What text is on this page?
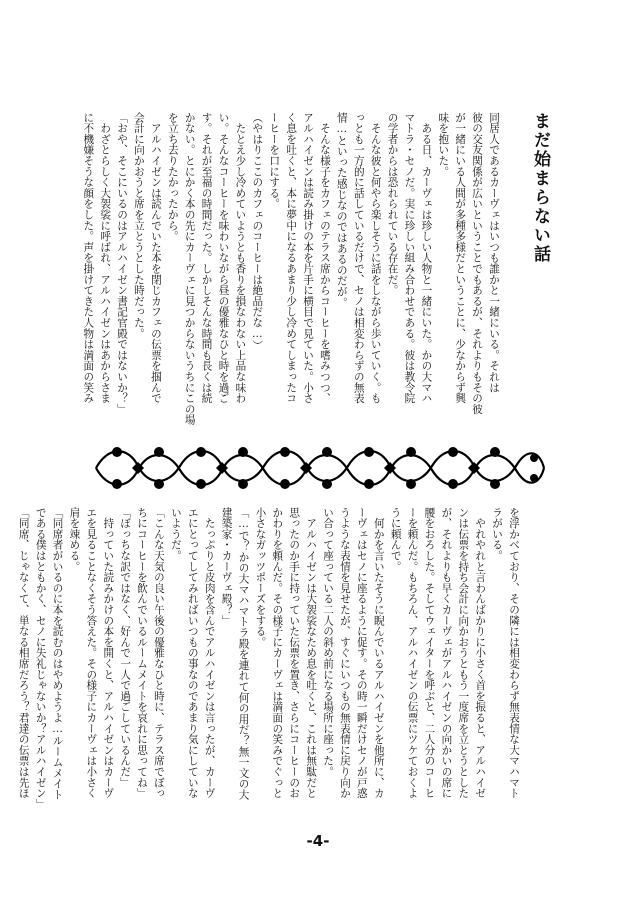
まだ始まらない話
同居人であるカーヴェはいつも誰かと一緒にいる。それは
彼の交友関係が広いということでもあるが、それよりもその彼
が一緒にいる人間が多種多様だということに、少なからず興
味を抱いた。
　ある日、カーヴェは珍しい人物と一緒にいた。かの大マハ
マトラ・セノだ。実に珍しい組み合わせである。彼は教令院
の学者からは恐れられている存在だ。
　そんな彼と何やら楽しそうに話をしながら歩いていく。も
っとも一方的に話しているだけで、セノは相変わらずの無表
情…といった感じなのではあるのだが。
　そんな様子をカフェのテラス席からコーヒーを嗜みつつ、
アルハイゼンは読み掛けの本を片手に横目で見ていた。小さ
く息を吐くと、本に夢中になるあまり少し冷めてしまったコ
ーヒーを口にする。
（やはりここのカフェのコーヒーは絶品だな…）
　たとえ少し冷めていようとも香りを損なわない上品な味わ
い。そんなコーヒーを味わいながら昼の優雅なひと時を過ご
す。それが至福の時間だった。しかしそんな時間も長くは続
かない。とにかく本の先にカーヴェに見つからないうちにこの場
を立ち去りたかったから。
　アルハイゼンは読んでいた本を閉じカフェの伝票を掴んで
会計に向かおうと席を立とうとした時だった。
「おや、そこにいるのはアルハイゼン書記官殿ではないか？」
　わざとらしく大袈裟に呼ばれ、アルハイゼンはあからさま
に不機嫌そうな顔をした。声を掛けてきた人物は満面の笑み
を浮かべており、その隣には相変わらず無表情な大マハマト
ラがいる。
　やれやれと言わんばかりに小さく首を振ると、アルハイゼ
ンは伝票を持ち会計に向かおうともう一度席を立とうとした
が、それよりも早くカーヴェがアルハイゼンの向かいの席に
腰をおろした。そしてウェイターを呼ぶと、二人分のコーヒ
ーを頼んだ。もちろん、アルハイゼンの伝票にツケておくよ
うに頼んで。
　何かを言いたそうに睨んでいるアルハイゼンを他所に、カ
ーヴェはセノに座るように促す。その時一瞬だけセノが戸惑
うような表情を見せたが、すぐにいつもの無表情に戻り向か
い合って座っている二人の斜め前になる場所に座った。
　アルハイゼンは大袈裟なため息を吐くと、これは無駄だと
思ったのか手に持っていた伝票を置き、さらにコーヒーのお
かわりを頼んだ。その様子にカーヴェは満面の笑みでぐっと
小さなガッツポーズをする。
「…で？かの大マハマトラ殿を連れて何の用だ？無一文の大
建築家・カーヴェ殿？」
　たっぷりと皮肉を含んでアルハイゼンは言ったが、カーヴ
エにとってしてみればいつもの事なのであまり気にしていな
いようだ。
「こんな天気の良い午後の優雅なひと時に、テラス席でぼっ
ちにコーヒーを飲んでいるルームメイトを哀れに思ってね」
「ぼっちな訳ではなく、好んで一人で過ごしているんだ」
　持っていた読みかけの本を開くと、アルハイゼンはカーヴ
エを見ることなくそう答えた。その様子にカーヴェは小さく
肩を竦める。
「同席者がいるのに本を読むのはやめようよ…ルームメイト
である僕はともかく、セノに失礼じゃないか？アルハイゼン」
「同席、じゃなくて、単なる相席だろう？君達の伝票は先ほ
-4-
